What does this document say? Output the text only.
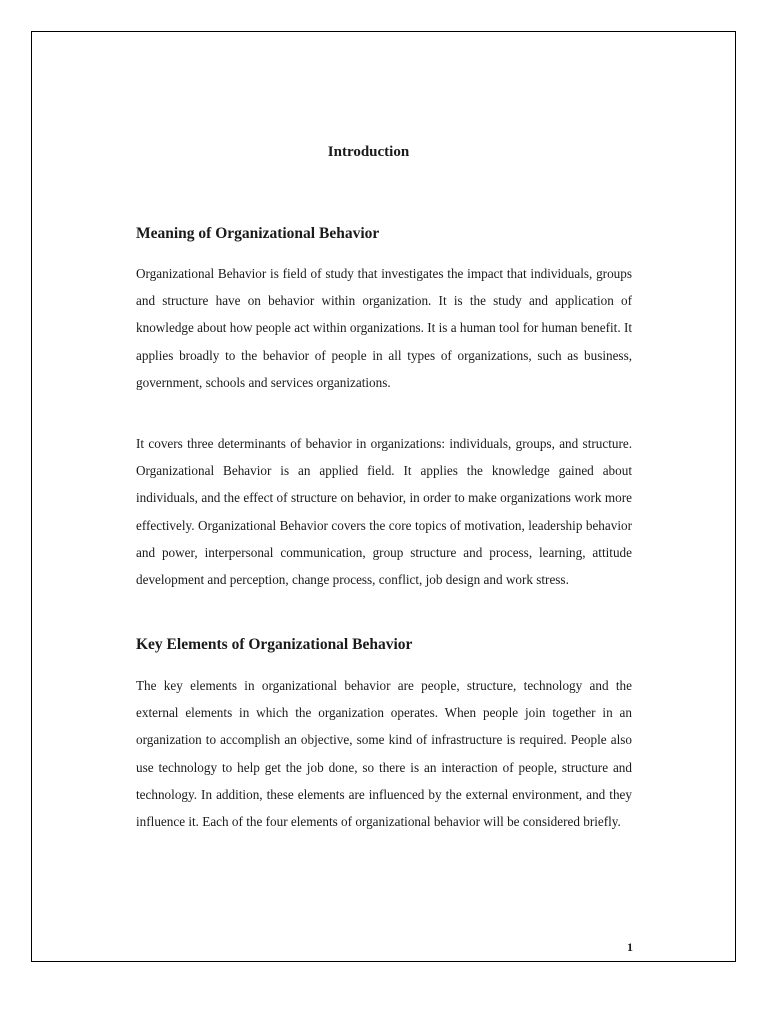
Introduction
Meaning of Organizational Behavior

Organizational Behavior is field of study that investigates the impact that individuals, groups and structure have on behavior within organization. It is the study and application of knowledge about how people act within organizations. It is a human tool for human benefit. It applies broadly to the behavior of people in all types of organizations, such as business, government, schools and services organizations.

It covers three determinants of behavior in organizations: individuals, groups, and structure. Organizational Behavior is an applied field. It applies the knowledge gained about individuals, and the effect of structure on behavior, in order to make organizations work more effectively. Organizational Behavior covers the core topics of motivation, leadership behavior and power, interpersonal communication, group structure and process, learning, attitude development and perception, change process, conflict, job design and work stress.

Key Elements of Organizational Behavior

The key elements in organizational behavior are people, structure, technology and the external elements in which the organization operates. When people join together in an organization to accomplish an objective, some kind of infrastructure is required. People also use technology to help get the job done, so there is an interaction of people, structure and technology. In addition, these elements are influenced by the external environment, and they influence it. Each of the four elements of organizational behavior will be considered briefly.

1
